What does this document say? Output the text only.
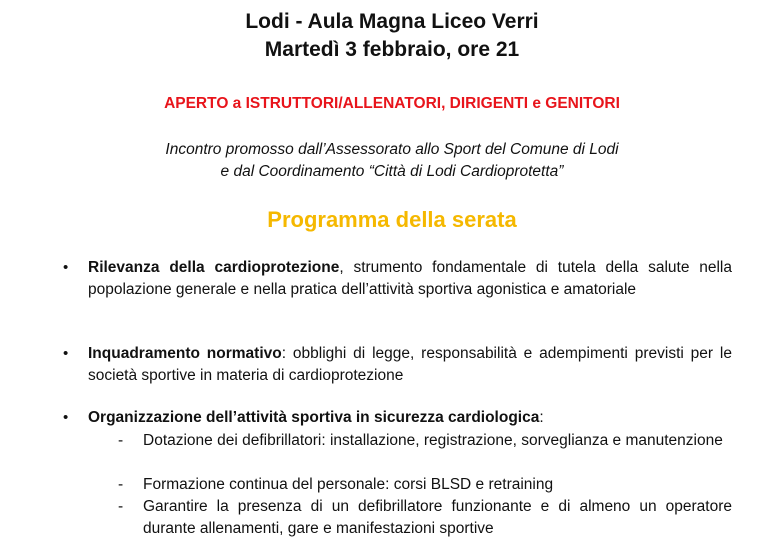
Lodi - Aula Magna Liceo Verri
Martedì 3 febbraio, ore 21
APERTO a ISTRUTTORI/ALLENATORI, DIRIGENTI e GENITORI
Incontro promosso dall’Assessorato allo Sport del Comune di Lodi
e dal Coordinamento “Città di Lodi Cardioprotetta”
Programma della serata
• Rilevanza della cardioprotezione, strumento fondamentale di tutela della salute nella popolazione generale e nella pratica dell’attività sportiva agonistica e amatoriale
• Inquadramento normativo: obblighi di legge, responsabilità e adempimenti previsti per le società sportive in materia di cardioprotezione
• Organizzazione dell’attività sportiva in sicurezza cardiologica:
- Dotazione dei defibrillatori: installazione, registrazione, sorveglianza e manutenzione
- Formazione continua del personale: corsi BLSD e retraining
- Garantire la presenza di un defibrillatore funzionante e di almeno un operatore durante allenamenti, gare e manifestazioni sportive
